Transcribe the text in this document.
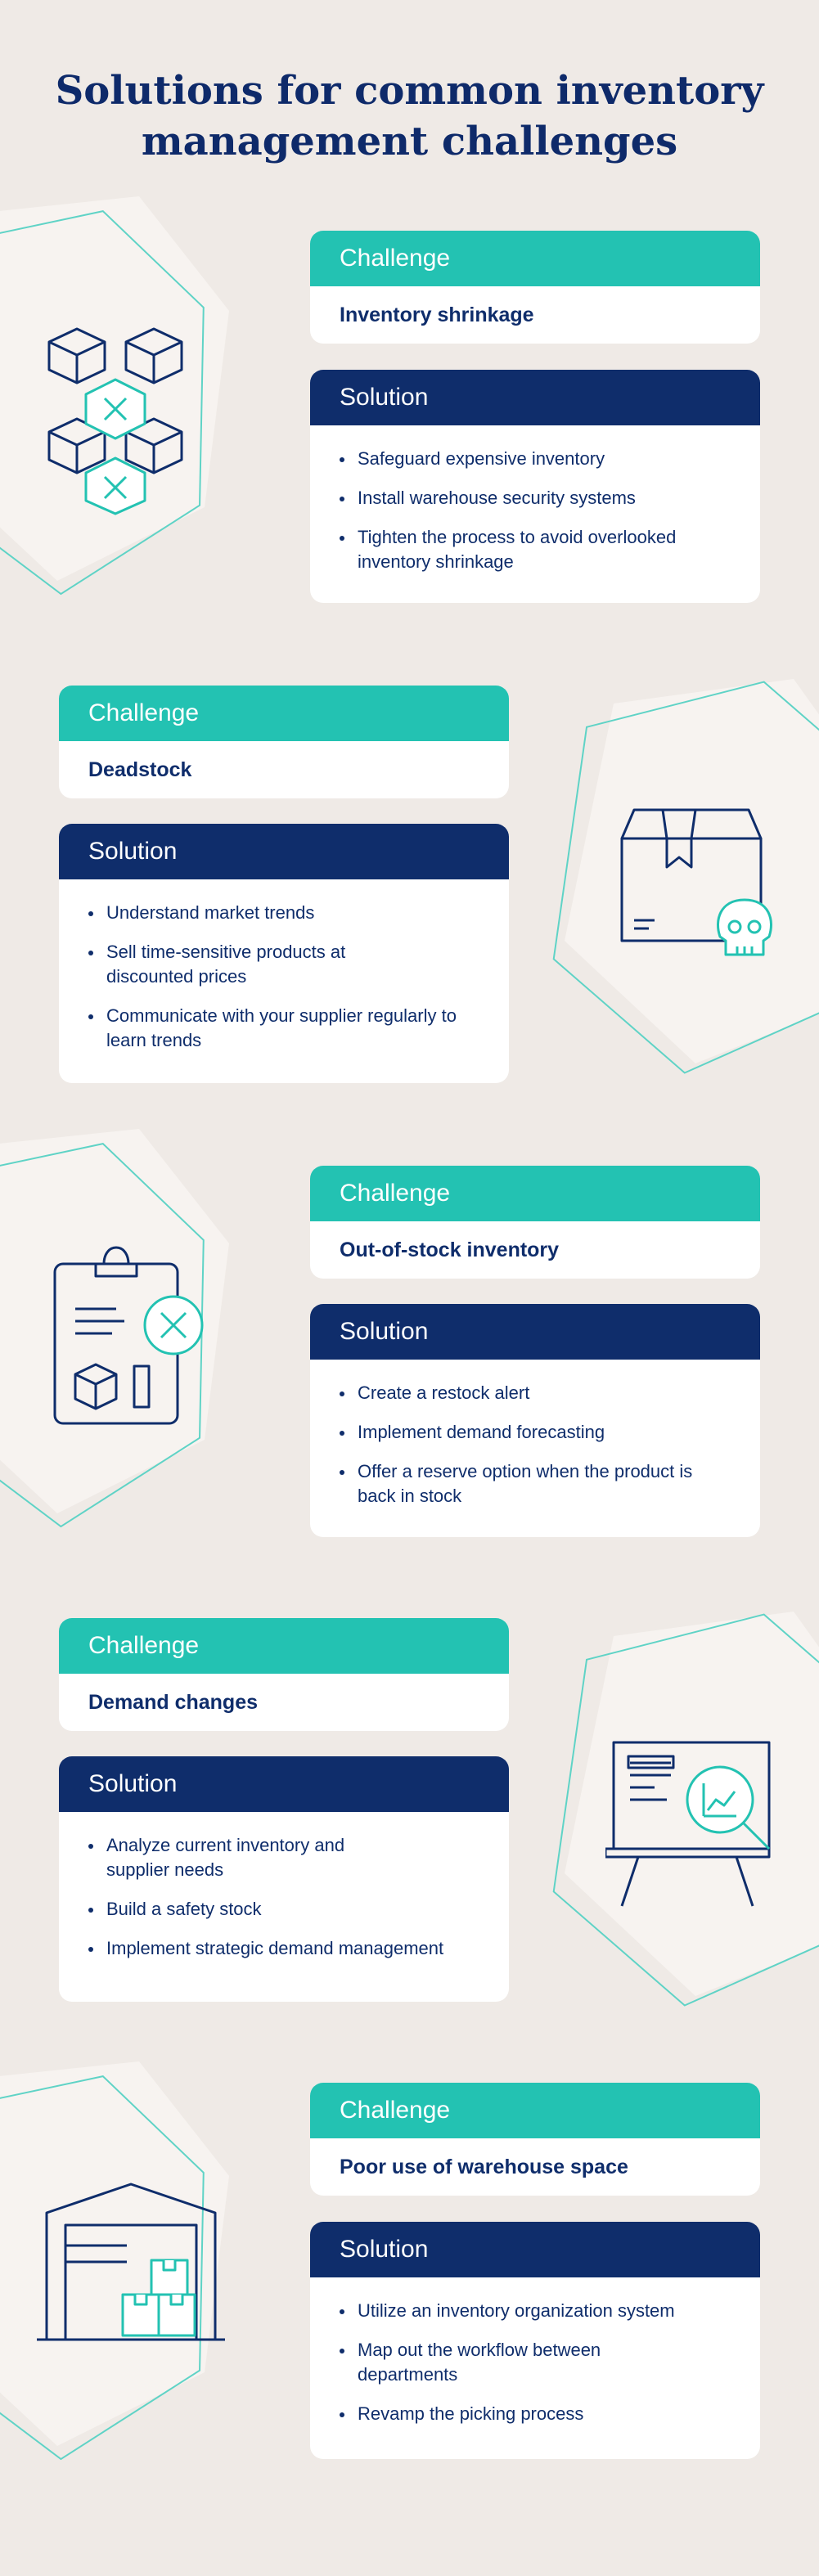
Solutions for common inventory management challenges
Challenge
Inventory shrinkage
Solution
Safeguard expensive inventory
Install warehouse security systems
Tighten the process to avoid overlooked inventory shrinkage
Challenge
Deadstock
Solution
Understand market trends
Sell time-sensitive products at discounted prices
Communicate with your supplier regularly to learn trends
Challenge
Out-of-stock inventory
Solution
Create a restock alert
Implement demand forecasting
Offer a reserve option when the product is back in stock
Challenge
Demand changes
Solution
Analyze current inventory and supplier needs
Build a safety stock
Implement strategic demand management
Challenge
Poor use of warehouse space
Solution
Utilize an inventory organization system
Map out the workflow between departments
Revamp the picking process
